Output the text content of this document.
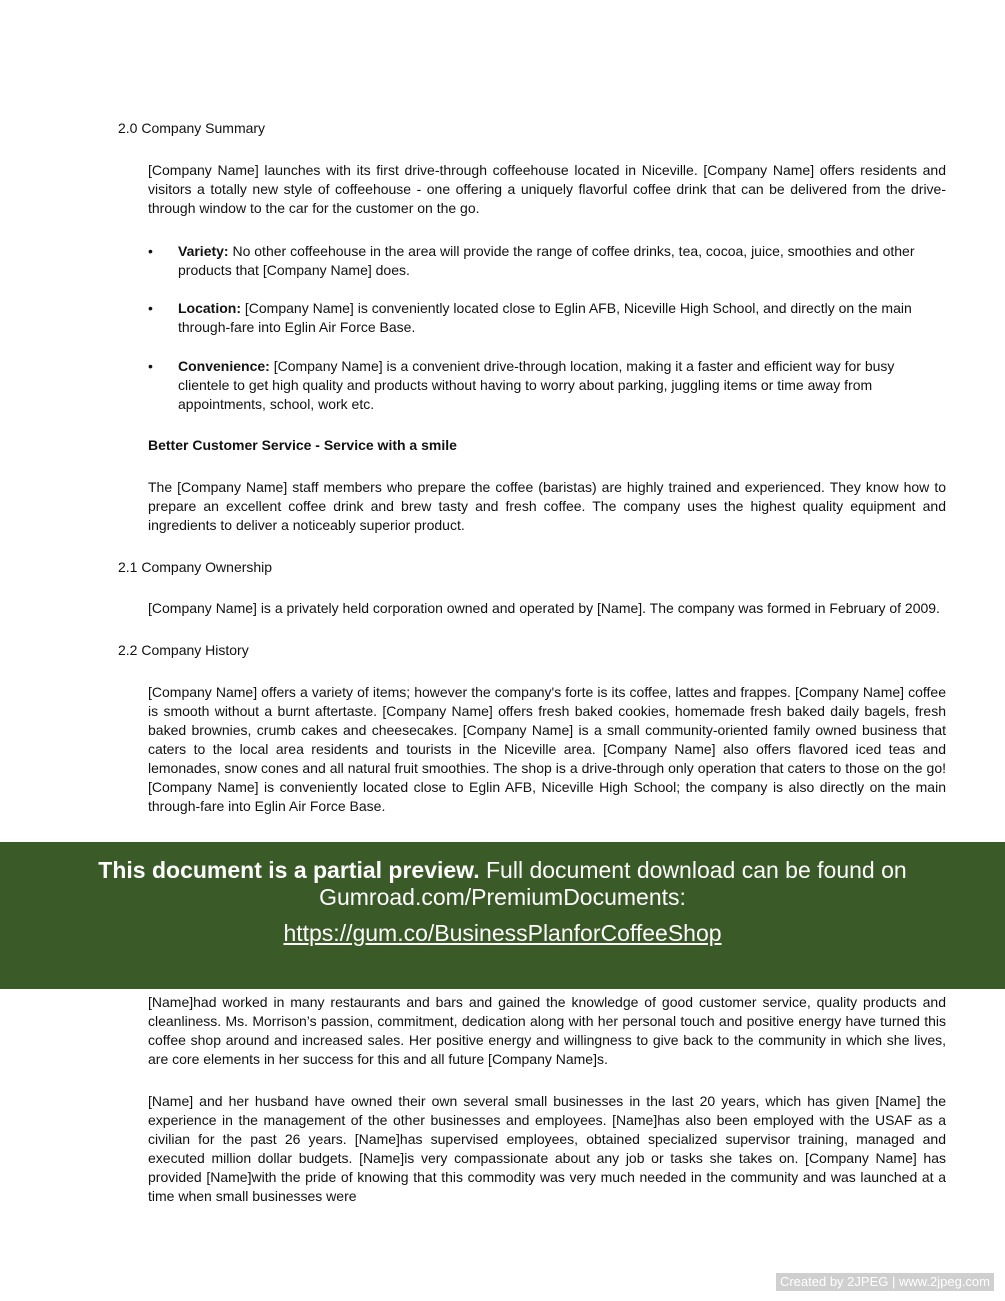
2.0 Company Summary

[Company Name] launches with its first drive-through coffeehouse located in Niceville. [Company Name] offers residents and visitors a totally new style of coffeehouse - one offering a uniquely flavorful coffee drink that can be delivered from the drive-through window to the car for the customer on the go.

•	Variety: No other coffeehouse in the area will provide the range of coffee drinks, tea, cocoa, juice, smoothies and other products that [Company Name] does.
•	Location: [Company Name] is conveniently located close to Eglin AFB, Niceville High School, and directly on the main through-fare into Eglin Air Force Base.
•	Convenience: [Company Name] is a convenient drive-through location, making it a faster and efficient way for busy clientele to get high quality and products without having to worry about parking, juggling items or time away from appointments, school, work etc.
Better Customer Service - Service with a smile

The [Company Name] staff members who prepare the coffee (baristas) are highly trained and experienced. They know how to prepare an excellent coffee drink and brew tasty and fresh coffee. The company uses the highest quality equipment and ingredients to deliver a noticeably superior product.

2.1 Company Ownership

[Company Name] is a privately held corporation owned and operated by [Name]. The company was formed in February of 2009.

2.2 Company History

[Company Name] offers a variety of items; however the company's forte is its coffee, lattes and frappes. [Company Name] coffee is smooth without a burnt aftertaste. [Company Name] offers fresh baked cookies, homemade fresh baked daily bagels, fresh baked brownies, crumb cakes and cheesecakes. [Company Name] is a small community-oriented family owned business that caters to the local area residents and tourists in the Niceville area. [Company Name] also offers flavored iced teas and lemonades, snow cones and all natural fruit smoothies. The shop is a drive-through only operation that caters to those on the go! [Company Name] is conveniently located close to Eglin AFB, Niceville High School; the company is also directly on the main through-fare into Eglin Air Force Base.

[Name]had worked in many restaurants and bars and gained the knowledge of good customer service, quality products and cleanliness. Ms. Morrison’s passion, commitment, dedication along with her personal touch and positive energy have turned this coffee shop around and increased sales. Her positive energy and willingness to give back to the community in which she lives, are core elements in her success for this and all future [Company Name]s.

[Name] and her husband have owned their own several small businesses in the last 20 years, which has given [Name] the experience in the management of the other businesses and employees. [Name]has also been employed with the USAF as a civilian for the past 26 years. [Name]has supervised employees, obtained specialized supervisor training, managed and executed million dollar budgets. [Name]is very compassionate about any job or tasks she takes on. [Company Name] has provided [Name]with the pride of knowing that this commodity was very much needed in the community and was launched at a time when small businesses were

This document is a partial preview. Full document download can be found on
Gumroad.com/PremiumDocuments:
https://gum.co/BusinessPlanforCoffeeShop
Created by 2JPEG | www.2jpeg.com
